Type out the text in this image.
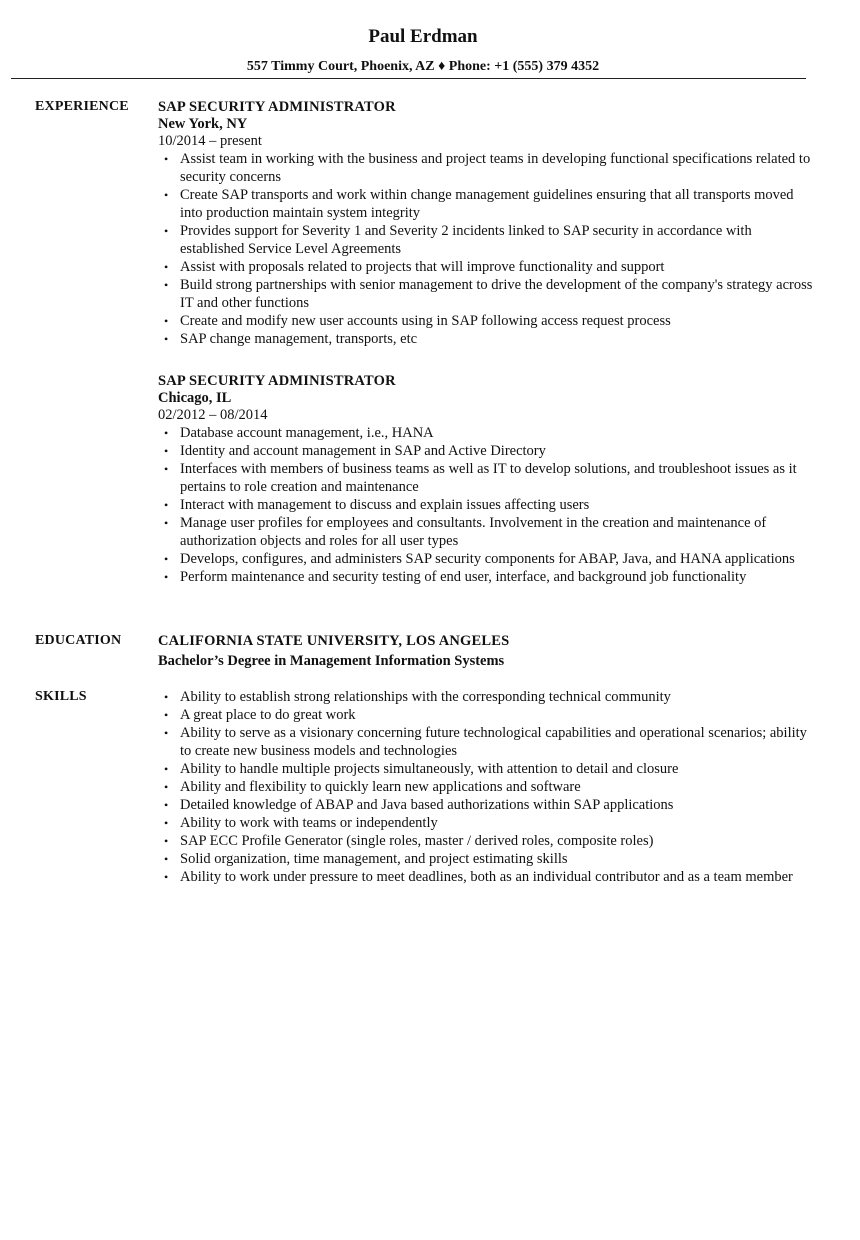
Paul Erdman
557 Timmy Court, Phoenix, AZ ♦ Phone: +1 (555) 379 4352
EXPERIENCE SAP SECURITY ADMINISTRATOR
New York, NY
10/2014 – present
• Assist team in working with the business and project teams in developing functional specifications related to security concerns
• Create SAP transports and work within change management guidelines ensuring that all transports moved into production maintain system integrity
• Provides support for Severity 1 and Severity 2 incidents linked to SAP security in accordance with established Service Level Agreements
• Assist with proposals related to projects that will improve functionality and support
• Build strong partnerships with senior management to drive the development of the company's strategy across IT and other functions
• Create and modify new user accounts using in SAP following access request process
• SAP change management, transports, etc
SAP SECURITY ADMINISTRATOR
Chicago, IL
02/2012 – 08/2014
• Database account management, i.e., HANA
• Identity and account management in SAP and Active Directory
• Interfaces with members of business teams as well as IT to develop solutions, and troubleshoot issues as it pertains to role creation and maintenance
• Interact with management to discuss and explain issues affecting users
• Manage user profiles for employees and consultants. Involvement in the creation and maintenance of authorization objects and roles for all user types
• Develops, configures, and administers SAP security components for ABAP, Java, and HANA applications
• Perform maintenance and security testing of end user, interface, and background job functionality
EDUCATION	CALIFORNIA STATE UNIVERSITY, LOS ANGELES
Bachelor’s Degree in Management Information Systems
SKILLS
•	Ability to establish strong relationships with the corresponding technical community
• A great place to do great work
• Ability to serve as a visionary concerning future technological capabilities and operational scenarios; ability to create new business models and technologies
• Ability to handle multiple projects simultaneously, with attention to detail and closure
• Ability and flexibility to quickly learn new applications and software
• Detailed knowledge of ABAP and Java based authorizations within SAP applications
• Ability to work with teams or independently
• SAP ECC Profile Generator (single roles, master / derived roles, composite roles)
• Solid organization, time management, and project estimating skills
• Ability to work under pressure to meet deadlines, both as an individual contributor and as a team member
